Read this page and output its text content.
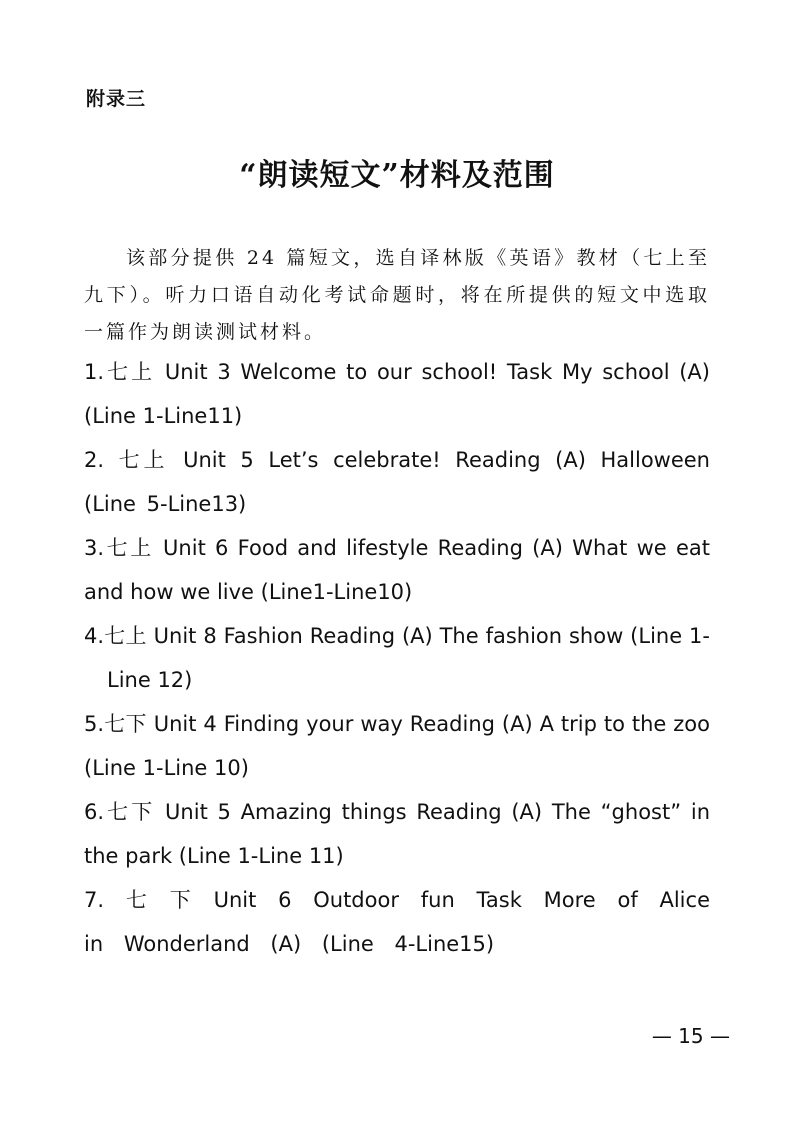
附录三
“朗读短文”材料及范围

该部分提供 24 篇短文，选自译林版《英语》教材（七上至九下）。听力口语自动化考试命题时，将在所提供的短文中选取一篇作为朗读测试材料。

1.七上 Unit 3 Welcome to our school! Task My school (A) (Line 1-Line11)
2. 七上 Unit 5 Let’s celebrate! Reading (A) Halloween (Line 5-Line13)
3.七上 Unit 6 Food and lifestyle Reading (A) What we eat and how we live (Line1-Line10)
4.七上 Unit 8 Fashion Reading (A) The fashion show (Line 1-Line 12)
5.七下 Unit 4 Finding your way Reading (A) A trip to the zoo (Line 1-Line 10)
6.七下 Unit 5 Amazing things Reading (A) The “ghost” in the park (Line 1-Line 11)
7. 七 下 Unit 6 Outdoor fun Task More of Alice in Wonderland (A) (Line 4-Line15)
— 15 —
